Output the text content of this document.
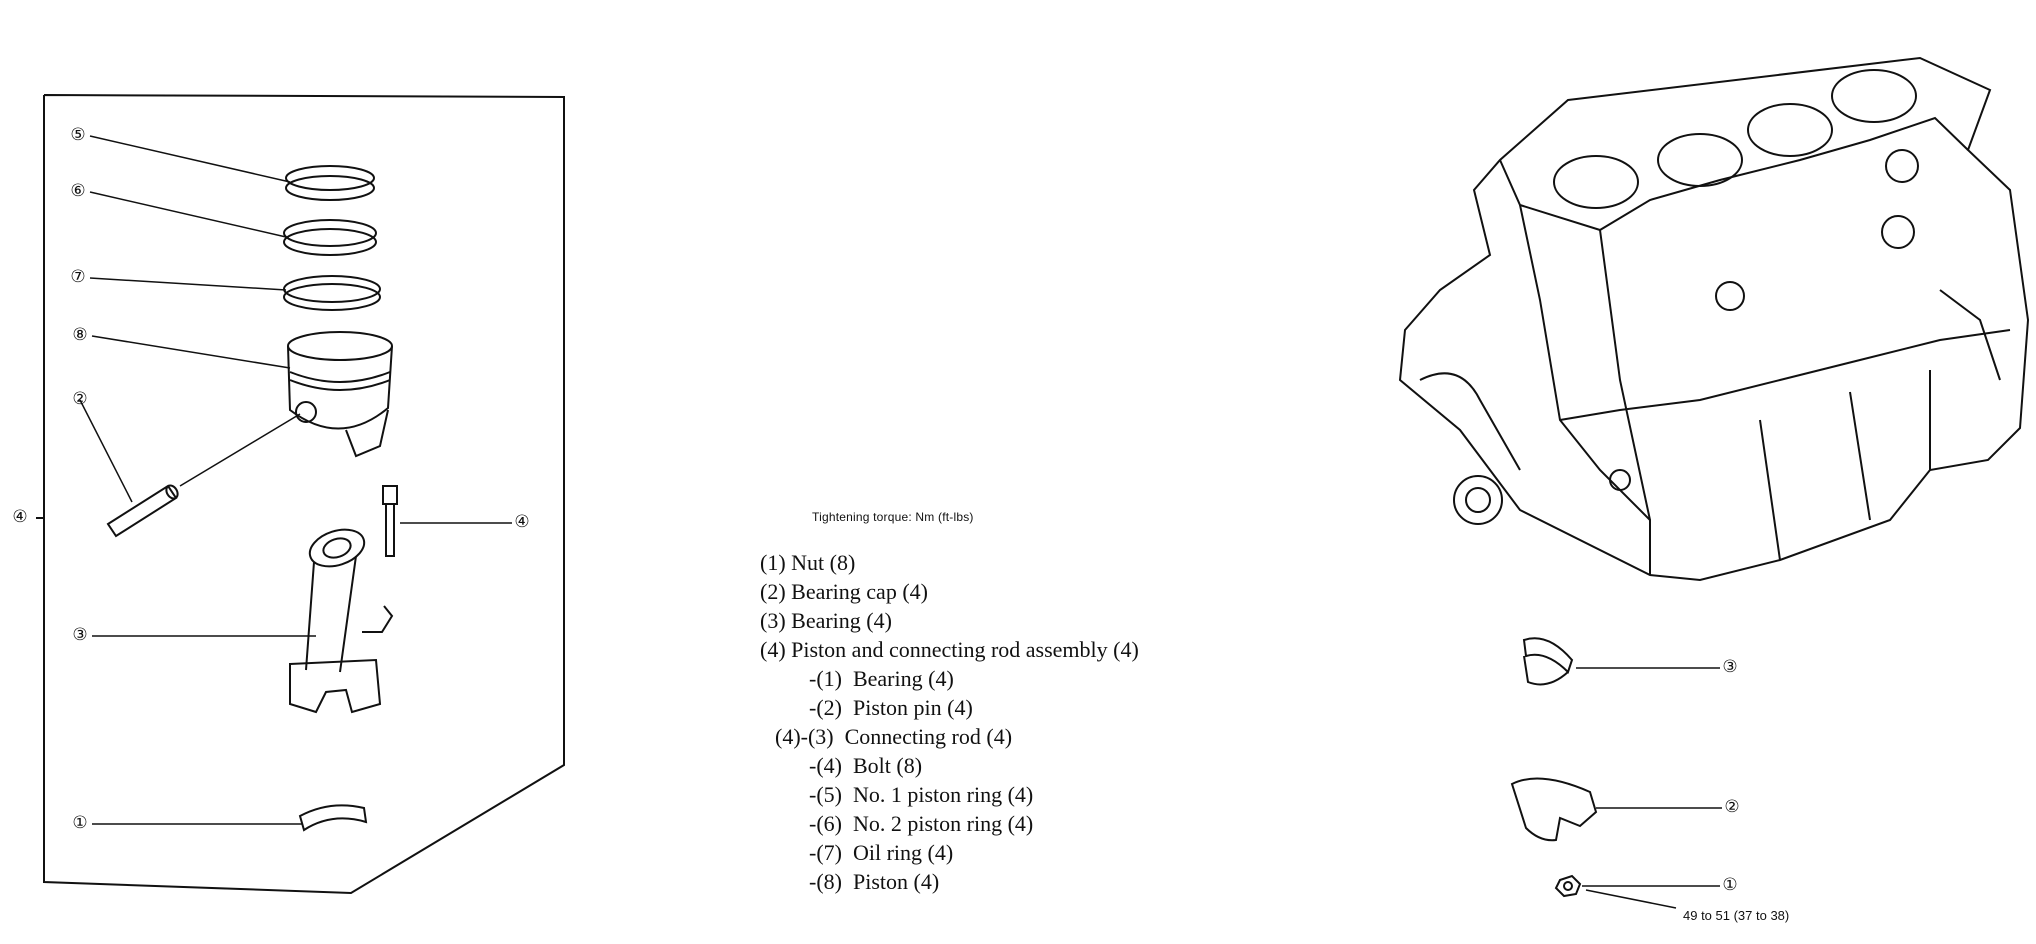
⑤
⑥
⑦
⑧
②
④	④
③
①
③
②
①
Tightening torque: Nm (ft-lbs)
(1) Nut (8)
(2) Bearing cap (4)
(3) Bearing (4)
(4) Piston and connecting rod assembly (4)
-(1)  Bearing (4)
-(2)  Piston pin (4)
(4)-(3)  Connecting rod (4)
-(4)  Bolt (8)
-(5)  No. 1 piston ring (4)
-(6)  No. 2 piston ring (4)
-(7)  Oil ring (4)
-(8)  Piston (4)
49 to 51 (37 to 38)
